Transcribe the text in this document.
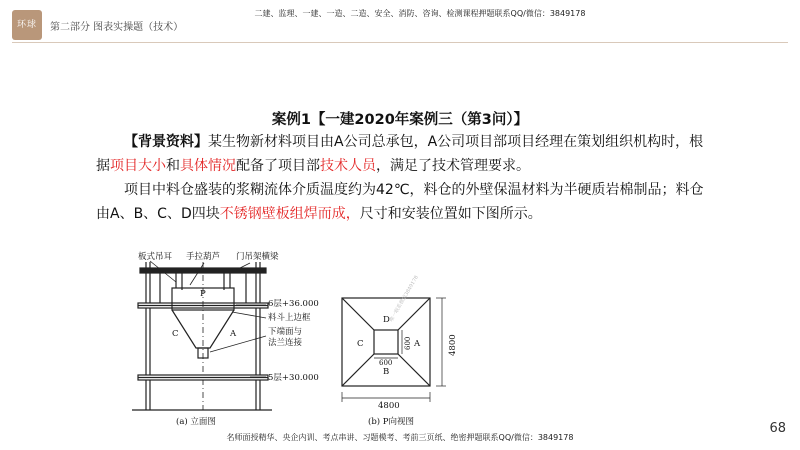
环球	第二部分 图表实操题（技术）
二建、监理、一建、一造、二造、安全、消防、咨询、检测课程押题联系QQ/微信：3849178
案例1【一建2020年案例三（第3问）】
【背景资料】某生物新材料项目由A公司总承包，A公司项目部项目经理在策划组织机构时，根据项目大小和具体情况配备了项目部技术人员，满足了技术管理要求。
项目中料仓盛装的浆糊流体介质温度约为42℃，料仓的外壁保温材料为半硬质岩棉制品；料仓由A、B、C、D四块不锈钢壁板组焊而成，尺寸和安装位置如下图所示。
板式吊耳 手拉葫芦 门吊架横梁
6层+36.000
料斗上边框
下端面与
法兰连接
5层+30.000
P
C	A
(a) 立面图
D
C	A
B
600
600
4800
4800
唯一联系微信3849178
(b) P向视图	68
名师面授精华、央企内训、考点串讲、习题模考、考前三页纸、绝密押题联系QQ/微信：3849178
